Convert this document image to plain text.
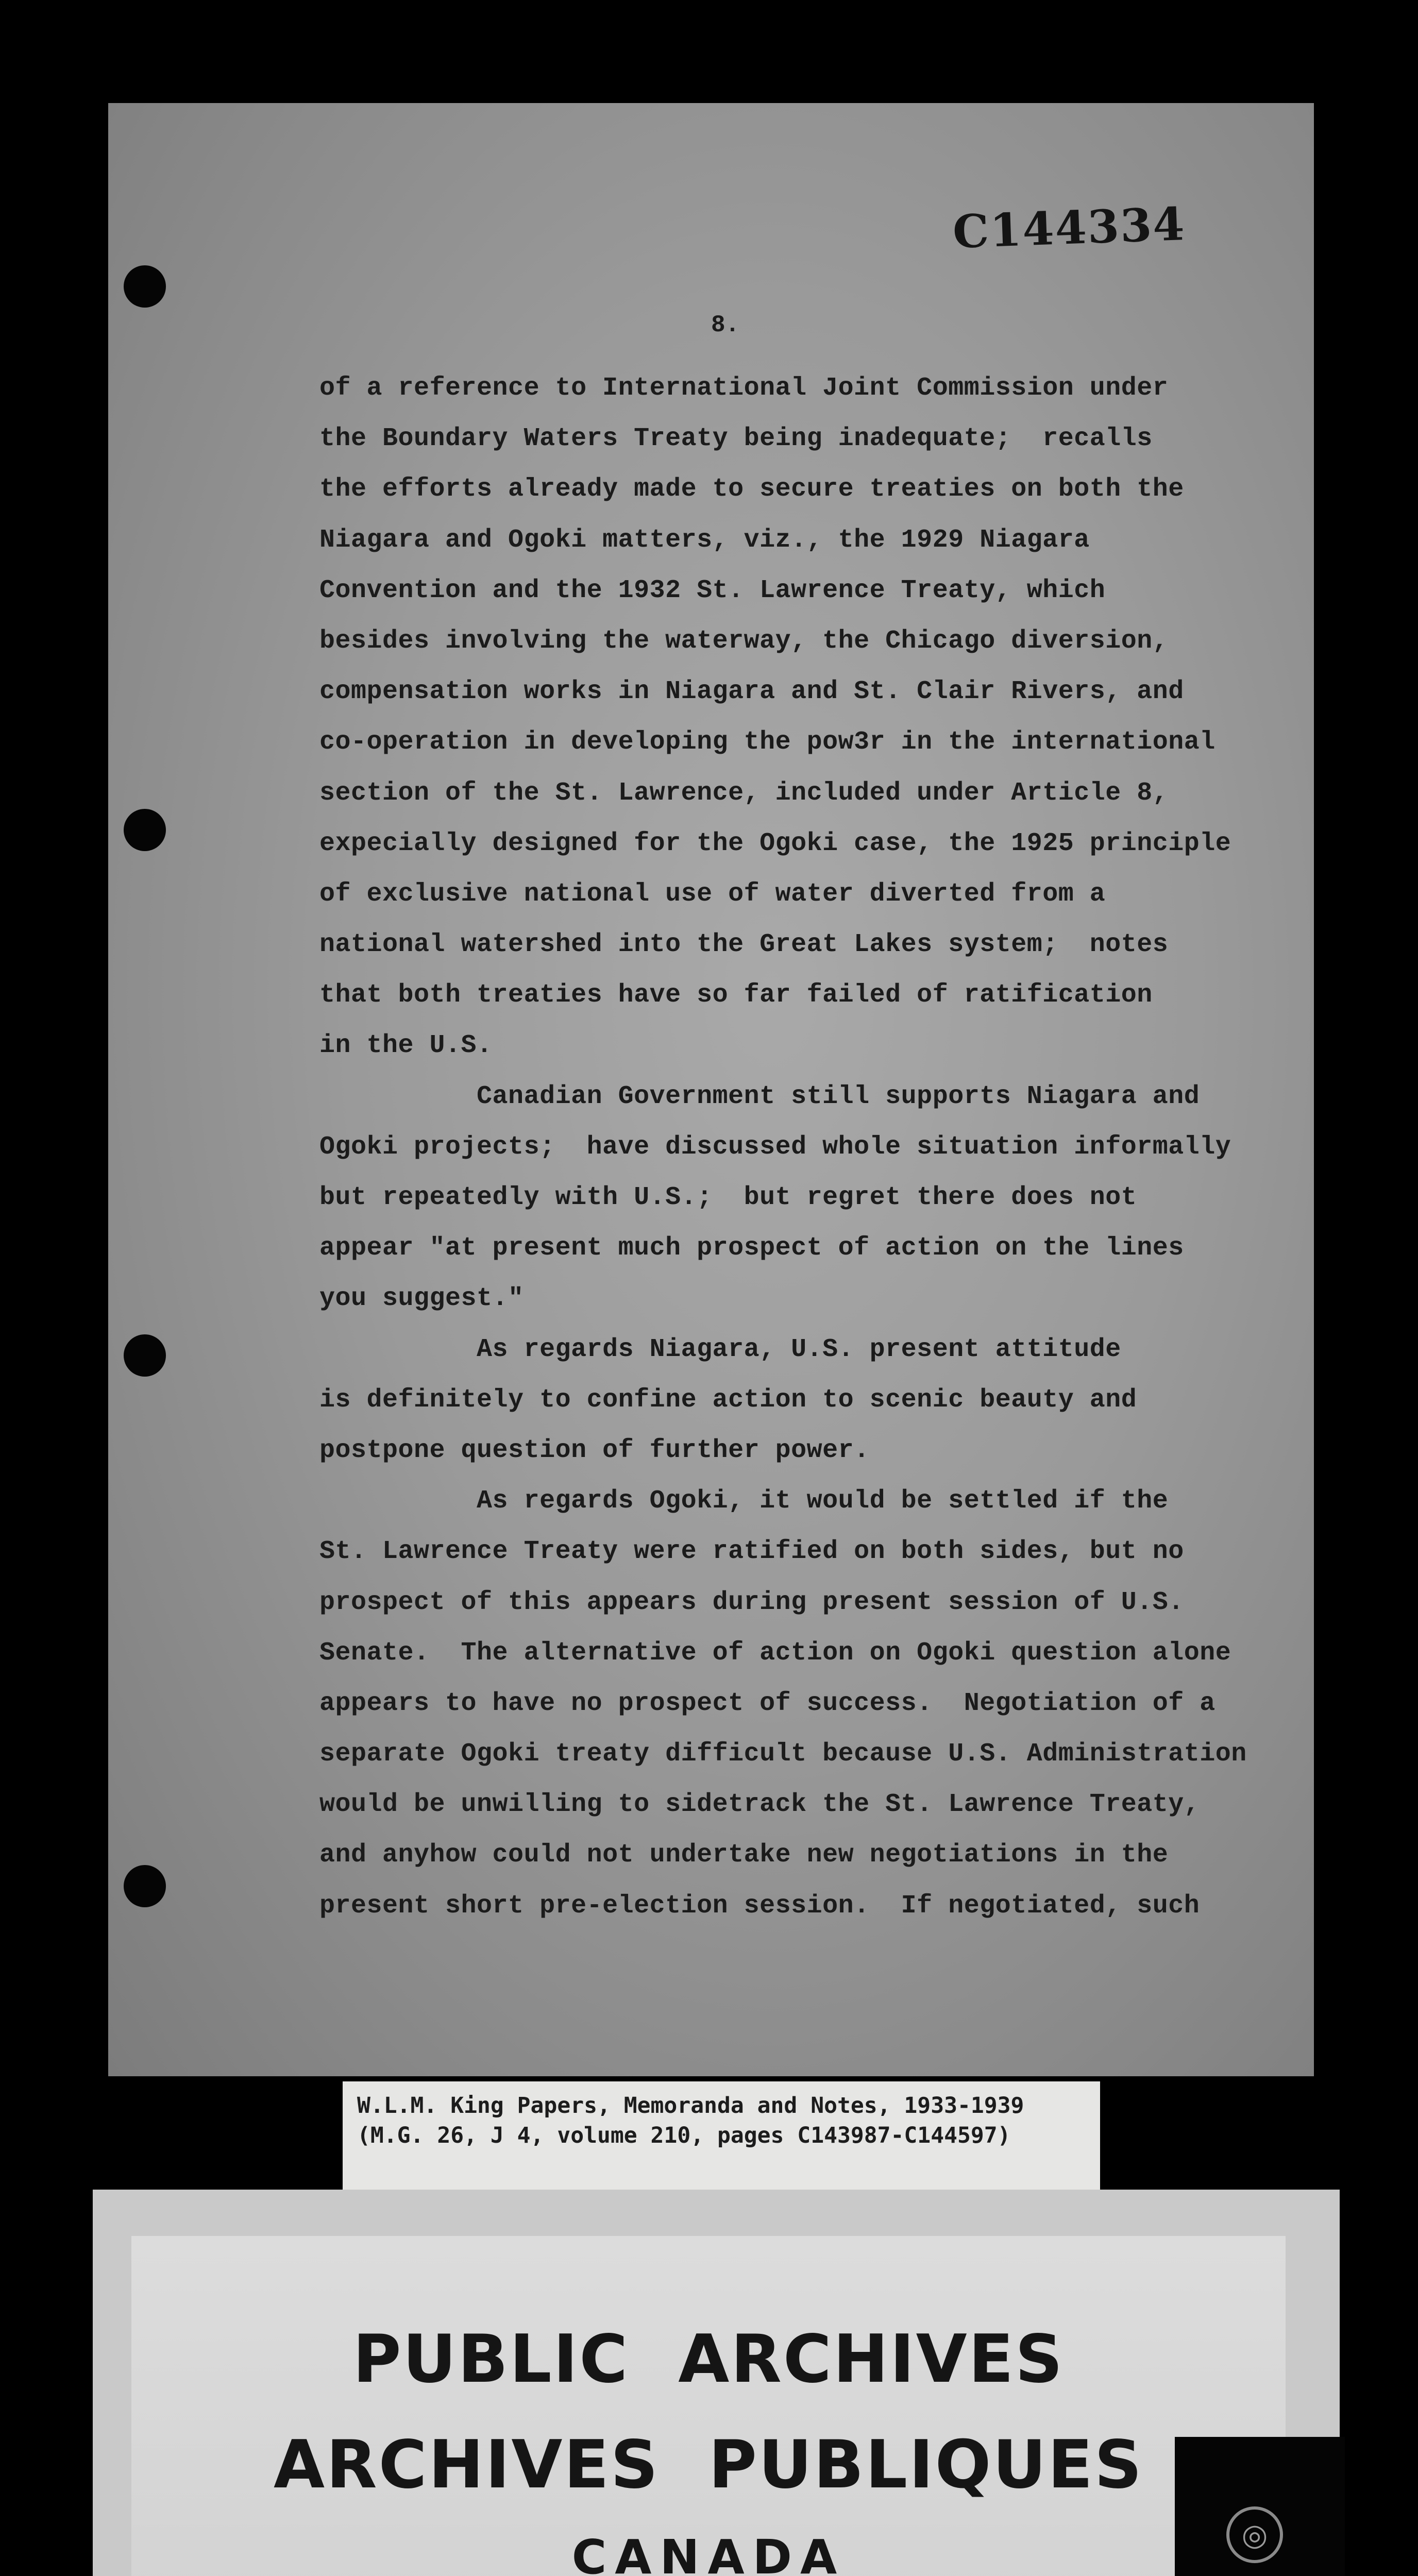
C144334
8.
of a reference to International Joint Commission under
the Boundary Waters Treaty being inadequate;  recalls
the efforts already made to secure treaties on both the
Niagara and Ogoki matters, viz., the 1929 Niagara
Convention and the 1932 St. Lawrence Treaty, which
besides involving the waterway, the Chicago diversion,
compensation works in Niagara and St. Clair Rivers, and
co-operation in developing the pow3r in the international
section of the St. Lawrence, included under Article 8,
expecially designed for the Ogoki case, the 1925 principle
of exclusive national use of water diverted from a
national watershed into the Great Lakes system;  notes
that both treaties have so far failed of ratification
in the U.S.
Canadian Government still supports Niagara and
Ogoki projects;  have discussed whole situation informally
but repeatedly with U.S.;  but regret there does not
appear "at present much prospect of action on the lines
you suggest."
As regards Niagara, U.S. present attitude
is definitely to confine action to scenic beauty and
postpone question of further power.
As regards Ogoki, it would be settled if the
St. Lawrence Treaty were ratified on both sides, but no
prospect of this appears during present session of U.S.
Senate.  The alternative of action on Ogoki question alone
appears to have no prospect of success.  Negotiation of a
separate Ogoki treaty difficult because U.S. Administration
would be unwilling to sidetrack the St. Lawrence Treaty,
and anyhow could not undertake new negotiations in the
present short pre-election session.  If negotiated, such
W.L.M. King Papers, Memoranda and Notes, 1933-1939
(M.G. 26, J 4, volume 210, pages C143987-C144597)
PUBLIC  ARCHIVES
ARCHIVES  PUBLIQUES
CANADA	◎
